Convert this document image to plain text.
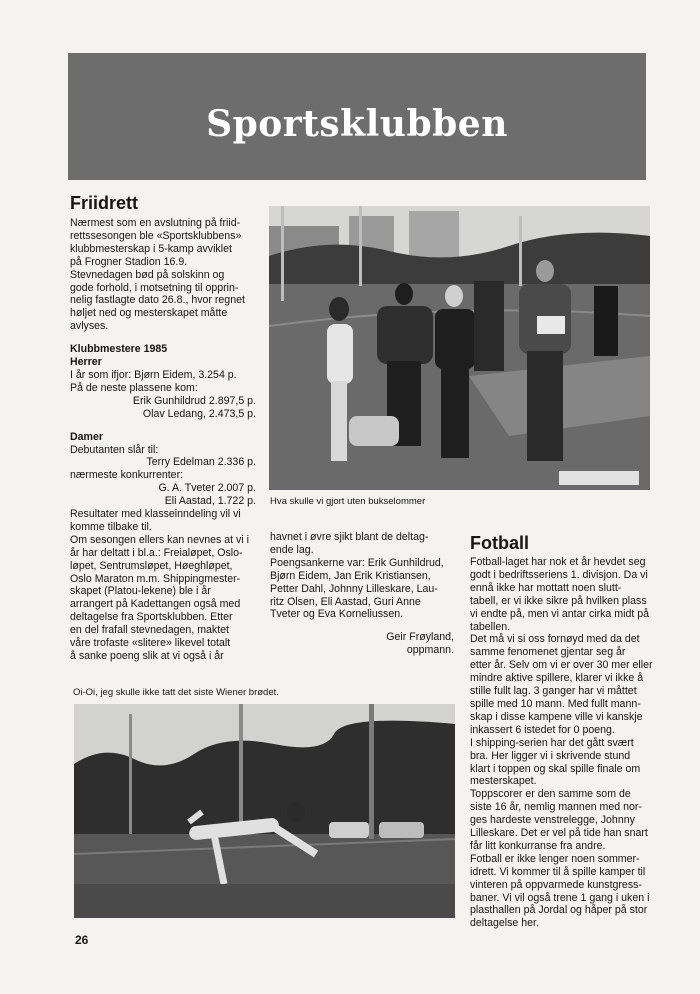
Sportsklubben
Friidrett

Nærmest som en avslutning på friid-

rettssesongen ble «Sportsklubbens»

klubbmesterskap i 5-kamp avviklet

på Frogner Stadion 16.9.

Stevnedagen bød på solskinn og

gode forhold, i motsetning til opprin-

nelig fastlagte dato 26.8., hvor regnet

høljet ned og mesterskapet måtte

avlyses.

Klubbmestere 1985

Herrer

I år som ifjor: Bjørn Eidem, 3.254 p.

På de neste plassene kom:

Erik Gunhildrud 2.897,5 p.

Olav Ledang, 2.473,5 p.

Damer

Debutanten slår til:

Terry Edelman 2.336 p.

nærmeste konkurrenter:

G. A. Tveter 2.007 p.

Eli Aastad, 1.722 p.

Resultater med klasseinndeling vil vi

komme tilbake til.

Om sesongen ellers kan nevnes at vi i

år har deltatt i bl.a.: Freialøpet, Oslo-

løpet, Sentrumsløpet, Høeghløpet,

Oslo Maraton m.m. Shippingmester-

skapet (Platou-lekene) ble i år

arrangert på Kadettangen også med

deltagelse fra Sportsklubben. Etter

en del frafall stevnedagen, maktet

våre trofaste «slitere» likevel totalt

å sanke poeng slik at vi også i år

Hva skulle vi gjort uten bukselommer

havnet i øvre sjikt blant de deltag-

ende lag.

Poengsankerne var: Erik Gunhildrud,

Bjørn Eidem, Jan Erik Kristiansen,

Petter Dahl, Johnny Lilleskare, Lau-

ritz Olsen, Eli Aastad, Guri Anne

Tveter og Eva Korneliussen.

Geir Frøyland,

oppmann.

Oi-Oi, jeg skulle ikke tatt det siste Wiener brødet.
Fotball

Fotball-laget har nok et år hevdet seg

godt i bedriftsseriens 1. divisjon. Da vi

ennå ikke har mottatt noen slutt-

tabell, er vi ikke sikre på hvilken plass

vi endte på, men vi antar cirka midt på

tabellen.

Det må vi si oss fornøyd med da det

samme fenomenet gjentar seg år

etter år. Selv om vi er over 30 mer eller

mindre aktive spillere, klarer vi ikke å

stille fullt lag. 3 ganger har vi måttet

spille med 10 mann. Med fullt mann-

skap i disse kampene ville vi kanskje

inkassert 6 istedet for 0 poeng.

I shipping-serien har det gått svært

bra. Her ligger vi i skrivende stund

klart i toppen og skal spille finale om

mesterskapet.

Toppscorer er den samme som de

siste 16 år, nemlig mannen med nor-

ges hardeste venstrelegge, Johnny

Lilleskare. Det er vel på tide han snart

får litt konkurranse fra andre.

Fotball er ikke lenger noen sommer-

idrett. Vi kommer til å spille kamper til

vinteren på oppvarmede kunstgress-

baner. Vi vil også trene 1 gang i uken i

plasthallen på Jordal og håper på stor

deltagelse her.

26
